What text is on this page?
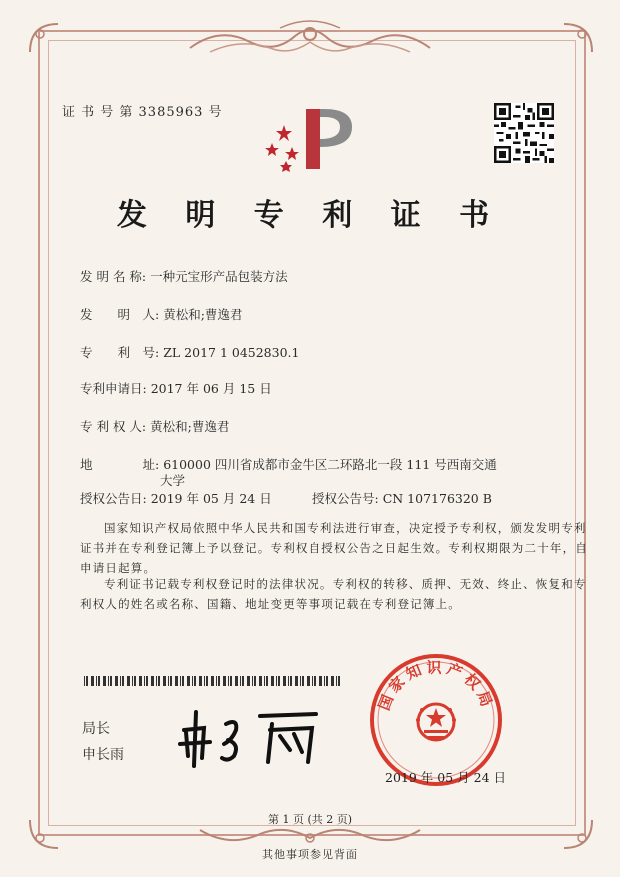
证 书 号 第 3385963 号
发 明 专 利 证 书
发 明 名 称: 一种元宝形产品包装方法
发　　明　人: 黄松和;曹逸君
专　　利　号: ZL 2017 1 0452830.1
专利申请日: 2017 年 06 月 15 日
专 利 权 人: 黄松和;曹逸君
地　　　　址: 610000 四川省成都市金牛区二环路北一段 111 号西南交通
大学
授权公告日: 2019 年 05 月 24 日	授权公告号: CN 107176320 B
国家知识产权局依照中华人民共和国专利法进行审查，决定授予专利权，颁发发明专利
证书并在专利登记簿上予以登记。专利权自授权公告之日起生效。专利权期限为二十年，自
申请日起算。
专利证书记载专利权登记时的法律状况。专利权的转移、质押、无效、终止、恢复和专
利权人的姓名或名称、国籍、地址变更等事项记载在专利登记簿上。
局长
申长雨
国家知识产权局
2019 年 05 月 24 日
第 1 页 (共 2 页)
其他事项参见背面
